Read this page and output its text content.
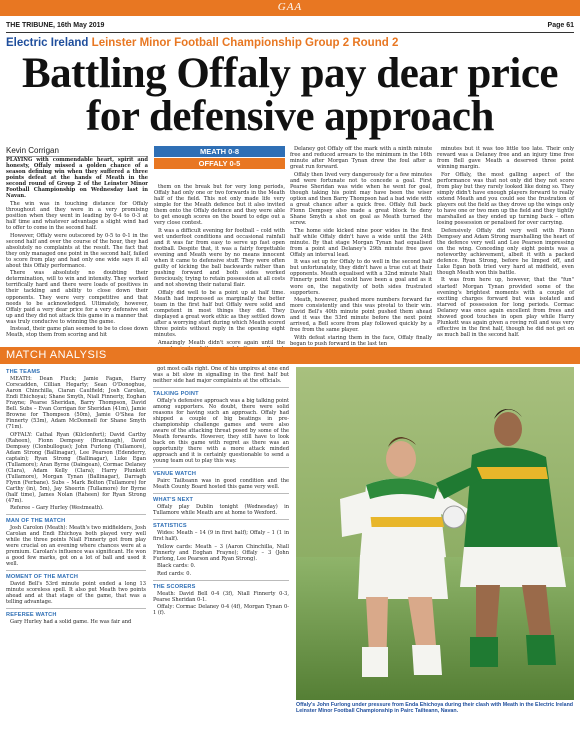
GAA
THE TRIBUNE, 16th May 2019	Page 61
Electric Ireland Leinster Minor Football Championship Group 2 Round 2
Battling Offaly pay dear price for defensive approach
Kevin Corrigan

PLAYING with commendable heart, spirit and honesty, Offaly missed a golden chance of a season defining win when they suffered a three points defeat at the hands of Meath in the second round of Group 2 of the Leinster Minor Football Championship on Wednesday last in Navan.

The win was in touching distance for Offaly throughout and they were in a very promising position when they went in leading by 0-4 to 0-3 at half time and whatever advantage a slight wind had to offer to come in the second half.

However, Offaly were outscored by 0-5 to 0-1 in the second half and over the course of the hour, they had absolutely no complaints at the result. The fact that they only managed one point in the second half, failed to score from play and had only one wide says it all about this Offaly performance.

There was absolutely no doubting their determination, will to win and intensity. They worked terrifically hard and there were loads of positives in their tackling and ability to close down their opponents. They were very competitive and that needs to be acknowledged. Ultimately, however, Offaly paid a very dear price for a very defensive set up and they did not attack this game in a manner that was truly conducive to winning the game.

Instead, their game plan seemed to be to close down Meath, stop them from scoring and hit

MEATH 0-8
OFFALY 0-5

them on the break but for very long periods, Offaly had only one or two forwards in the Meath half of the field. This not only made life very simple for the Meath defence but it also invited them onto the Offaly defence and they were able to get enough scores on the board to edge out a very close contest.

It was a difficult evening for football – cold with wet underfoot conditions and occasional rainfall and it was far from easy to serve up fast open football. Despite that, it was a fairly forgettable evening and Meath were by no means innocent when it came to defensive stuff. They were often guilty of kicking the ball backwards rather than pushing forward and both sides worked ferociously, trying to retain possession at all costs and not showing their natural flair.

Offaly did well to be a point up at half time. Meath had impressed as marginally the better team in the first half but Offaly were solid and competent in most things they did. They displayed a great work ethic as they settled down after a worrying start during which Meath scored three points without reply in the opening eight minutes.

Amazingly Meath didn't score again until the

Delaney got Offaly off the mark with a ninth minute free and reduced arrears to the minimum in the 16th minute after Morgan Tynan drew the foul after a great run forward.

Offaly then lived very dangerously for a few minutes and were fortunate not to concede a goal. First Pearse Sheridan was wide when he went for goal, though taking his point may have been the wiser option and then Barry Thompson had a bad wide with a great chance after a quick free. Offaly full back Fionn Dempsey also made a great block to deny Shane Smyth a shot on goal as Meath turned the screw.

The home side kicked nine poor wides in the first half while Offaly didn't have a wide until the 24th minute. By that stage Morgan Tynan had equalised from a point and Delaney's 29th minute free gave Offaly an interval lead.

It was set up for Offaly to do well in the second half but unfortunately, they didn't have a true cut at their opponents. Meath equalised with a 32nd minute Niall Finnerty point that could have been a goal and as it wore on, the negativity of both sides frustrated supporters.

Meath, however, pushed more numbers forward far more consistently and this was pivotal to their win. David Bell's 40th minute point pushed them ahead and it was the 53rd minute before the next point arrived, a Bell score from play followed quickly by a free from the same player.

With defeat staring them in the face, Offaly finally began to push forward in the last ten

minutes but it was too little too late. Their only reward was a Delaney free and an injury time free from Bell gave Meath a deserved three point winning margin.

For Offaly, the most galling aspect of the performance was that not only did they not score from play but they rarely looked like doing so. They simply didn't have enough players forward to really extend Meath and you could see the frustration of players out the field as they drove up the wings only to have one or two men up the field and they tightly marshalled as they ended up turning back – often losing possession or penalised for over carrying.

Defensively Offaly did very well with Fionn Dempsey and Adam Strong marshalling the heart of the defence very well and Lee Pearson impressing on the wing. Conceding only eight points was a noteworthy achievement, albeit it with a packed defence. Ryan Strong, before he limped off, and Luke Egan both tried very hard at midfield, even though Meath won this battle.

It was from here up, however, that the "fun" started! Morgan Tynan provided some of the evening's brightest moments with a couple of exciting charges forward but was isolated and starved of possession for long periods. Cormac Delaney was once again excellent from frees and showed good touches in open play while Harry Plunkett was again given a roving roll and was very effective in the first half, though he did not get on as much ball in the second half.

MATCH ANALYSIS
THE TEAMS

MEATH: Dean Fluck; Jamie Fagan, Harry Corscadden, Cillian Hegarty; Sean O'Donoghue, Aaron Chinchilla, Ciaran Caulfield; Josh Carolan, Endi Ehichoyai; Shane Smyth, Niall Finnerty, Eoghan Frayne; Pearse Sheridan, Barry Thompson, David Bell. Subs – Evan Corrigan for Sheridan (41m), Jamie Browne for Thompson (50m), Jamie O'Shea for Finnerty (53m), Adam McDonnell for Shane Smyth (71m).

OFFALY: Cathal Ryan (Kilclonfert); David Carthy (Raheen), Fionn Dempsey (Bracknagh), David Dempsey (Clonbullogue); John Furlong (Tullamore), Adam Strong (Ballinagar), Lee Pearson (Edenderry, captain); Ryan Strong (Ballinagar), Luke Egan (Tullamore); Aran Byrne (Daingean), Cormac Delaney (Clara), Adam Kelly (Clara); Harry Plunkett (Tullamore), Morgan Tynan (Ballinagar), Darragh Flynn (Ferbane). Subs – Mark Bolton (Tullamore) for Carthy (in), 5m), Jay Sheerin (Tullamore) for Byrne (half time), James Nolan (Raheen) for Ryan Strong (47m).

Referee – Gary Hurley (Westmeath).

MAN OF THE MATCH

Josh Carolon (Meath): Meath's two midfielders, Josh Carolan and Endi Ehichoya both played very well while the three points Niall Finnerty got from play were crucial on an evening where chances were at a premium. Carolan's influence was significant. He won a good few marks, got on a lot of ball and used it well.

MOMENT OF THE MATCH

David Bell's 53rd minute point ended a long 13 minute scoreless spell. It also put Meath two points ahead and at that stage of the game, that was a telling advantage.

REFEREE WATCH

Gary Hurley had a solid game. He was fair and

got most calls right. One of his umpires at one end was a bit slow in signalling in the first half but neither side had major complaints at the officials.

TALKING POINT

Offaly's defensive approach was a big talking point among supporters. No doubt, there were solid reasons for having such an approach. Offaly had shipped a couple of big beatings in pre-championship challenge games and were also aware of the attacking threat posed by some of the Meath forwards. However, they still have to look back on this game with regret as there was an opportunity there with a more attack minded approach and it is certainly questionable to send a young team out to play this way.

VENUE WATCH

Pairc Tailteann was in good condition and the Meath County Board hosted this game very well.

WHAT'S NEXT

Offaly play Dublin tonight (Wednesday) in Tullamore while Meath are at home to Wexford.

STATISTICS

Wides: Meath – 14 (9 in first half); Offaly – 1 (1 in first half).

Yellow cards: Meath – 3 (Aaron Chinchilla, Niall Finnerty and Eoghan Frayne); Offaly – 3 (John Furlong, Lee Pearson and Ryan Strong).

Black cards: 0.

Red cards: 0.

THE SCORERS

Meath: David Bell 0-4 (3f), Niall Finnerty 0-3, Pearse Sheridan 0-1.

Offaly: Cormac Delaney 0-4 (4f), Morgan Tynan 0-1 (f).

Offaly's John Furlong under pressure from Enda Ehichoya during their clash with Meath in the Electric Ireland Leinster Minor Football Championship in Pairc Tailteann, Navan.
